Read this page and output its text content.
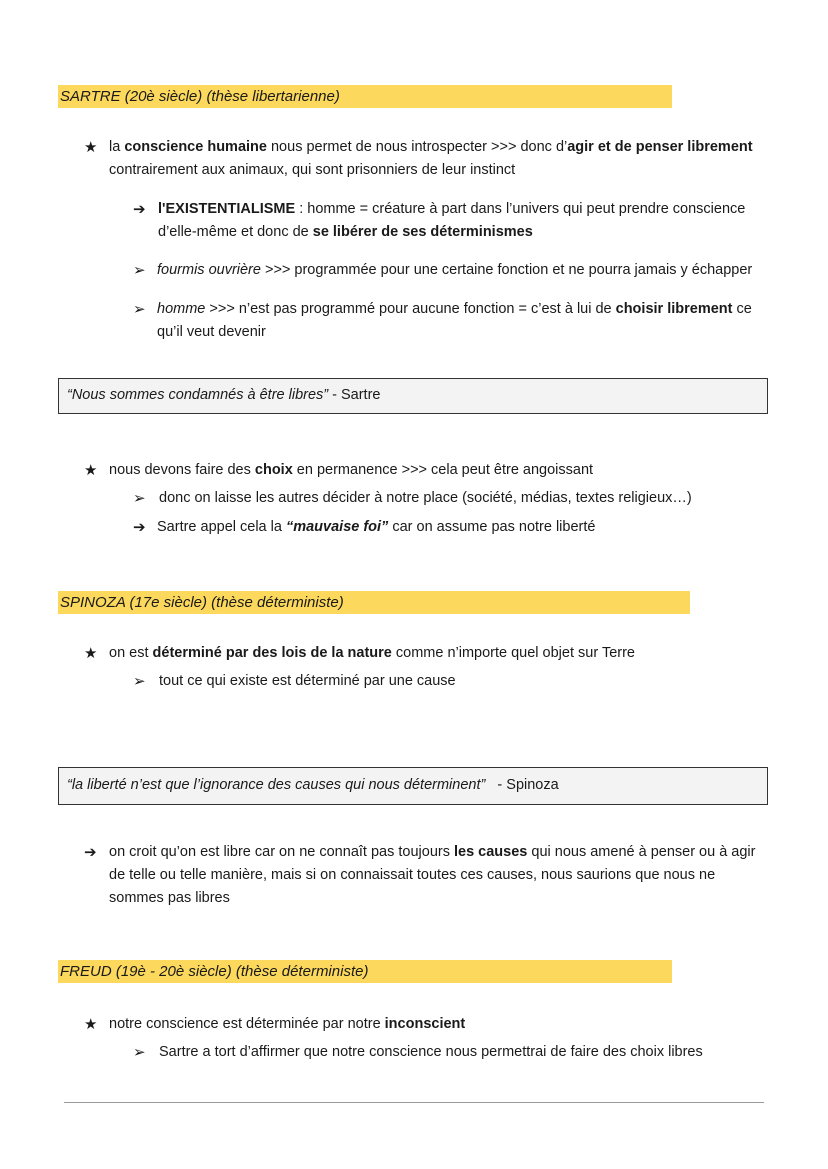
SARTRE (20è siècle) (thèse libertarienne)
★ la conscience humaine nous permet de nous introspecter >>> donc d’agir et de penser librement
contrairement aux animaux, qui sont prisonniers de leur instinct
➔ l'EXISTENTIALISME : homme = créature à part dans l’univers qui peut prendre conscience
d’elle-même et donc de se libérer de ses déterminismes
➢ fourmis ouvrière >>> programmée pour une certaine fonction et ne pourra jamais y échapper
➢ homme >>> n’est pas programmé pour aucune fonction = c’est à lui de choisir librement ce
qu’il veut devenir
“Nous sommes condamnés à être libres” - Sartre
★ nous devons faire des choix en permanence >>> cela peut être angoissant
➢ donc on laisse les autres décider à notre place (société, médias, textes religieux…)
➔ Sartre appel cela la “mauvaise foi” car on assume pas notre liberté
SPINOZA (17e siècle) (thèse déterministe)
★ on est déterminé par des lois de la nature comme n’importe quel objet sur Terre
➢ tout ce qui existe est déterminé par une cause
“la liberté n’est que l’ignorance des causes qui nous déterminent”   - Spinoza
➔ on croit qu’on est libre car on ne connaît pas toujours les causes qui nous amené à penser ou à agir
de telle ou telle manière, mais si on connaissait toutes ces causes, nous saurions que nous ne
sommes pas libres
FREUD (19è - 20è siècle) (thèse déterministe)
★ notre conscience est déterminée par notre inconscient
➢ Sartre a tort d’affirmer que notre conscience nous permettrai de faire des choix libres
